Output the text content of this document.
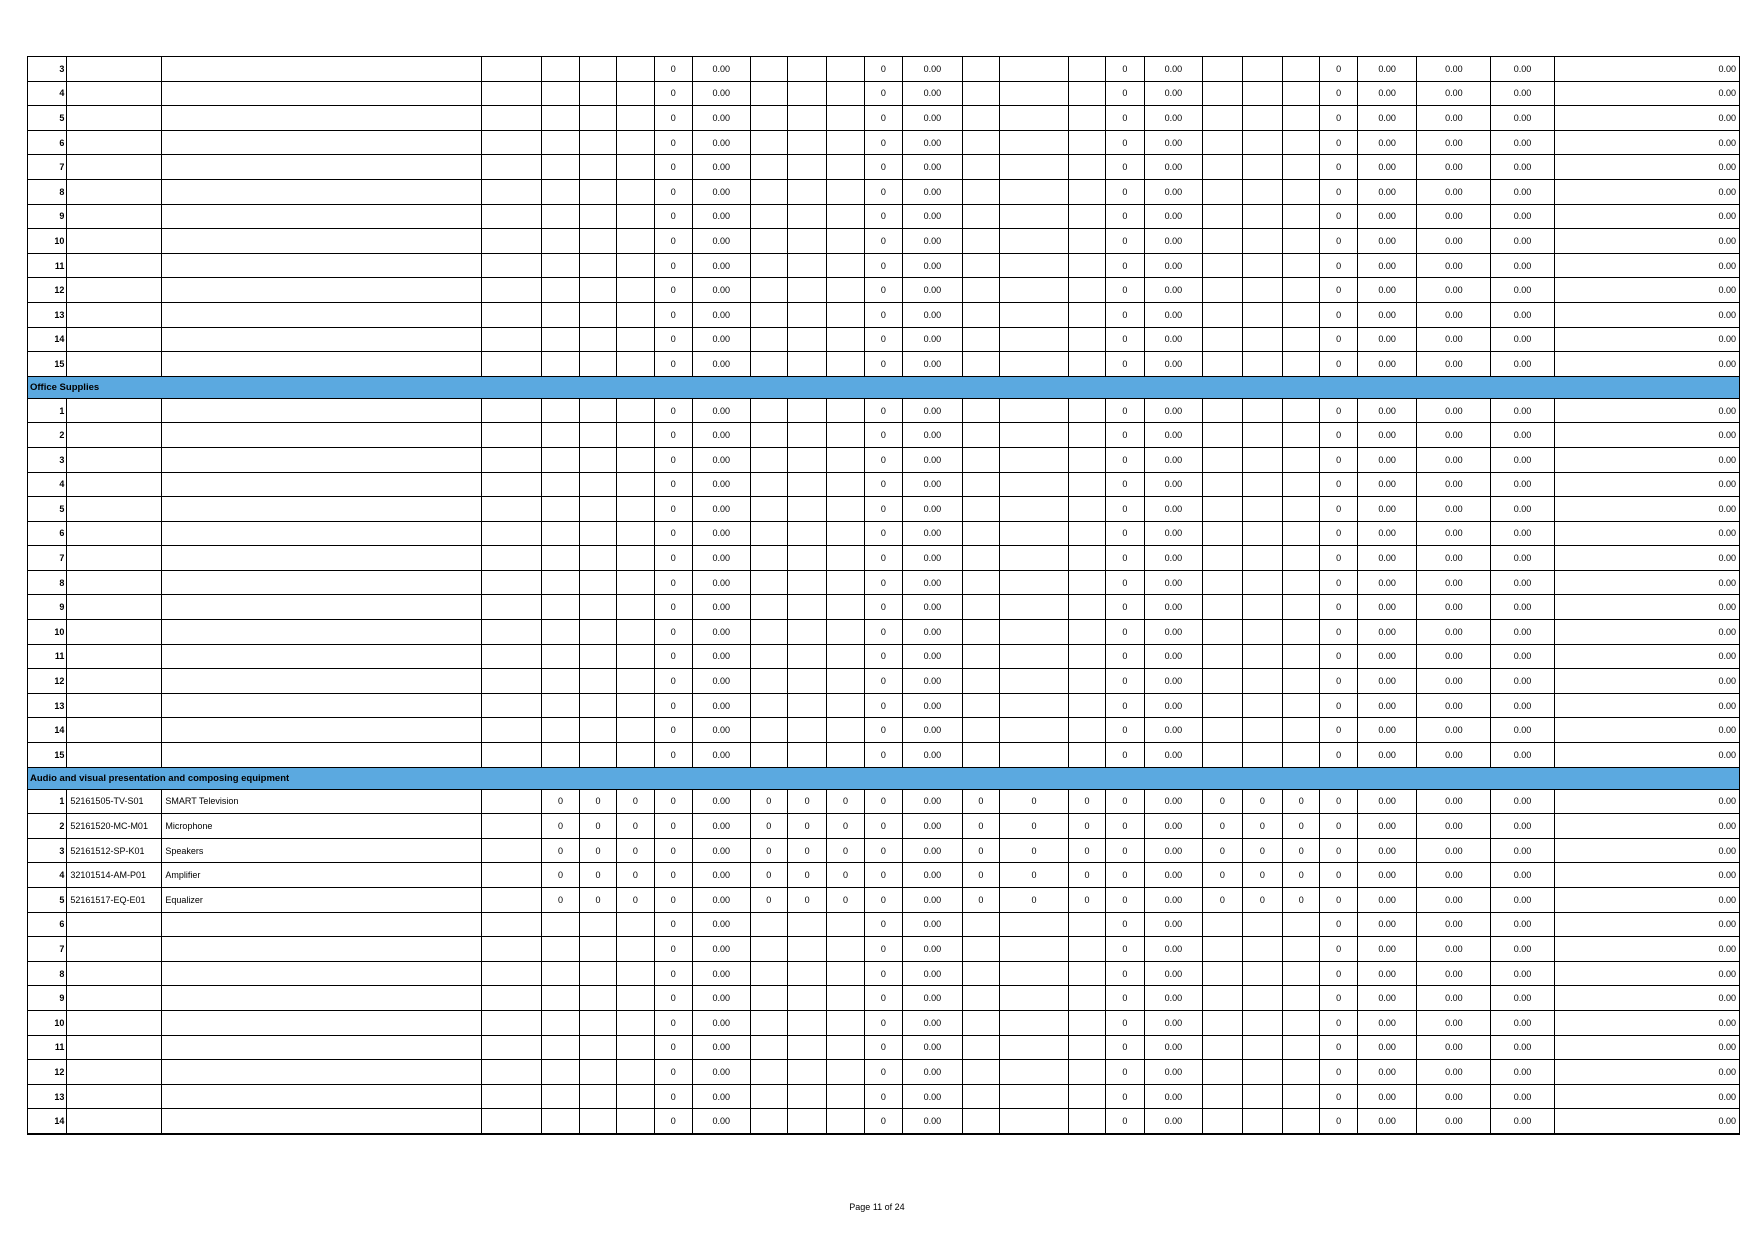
3							0	0.00				0	0.00				0	0.00				0	0.00	0.00	0.00	0.00
4							0	0.00				0	0.00				0	0.00				0	0.00	0.00	0.00	0.00
5							0	0.00				0	0.00				0	0.00				0	0.00	0.00	0.00	0.00
6							0	0.00				0	0.00				0	0.00				0	0.00	0.00	0.00	0.00
7							0	0.00				0	0.00				0	0.00				0	0.00	0.00	0.00	0.00
8							0	0.00				0	0.00				0	0.00				0	0.00	0.00	0.00	0.00
9							0	0.00				0	0.00				0	0.00				0	0.00	0.00	0.00	0.00
10							0	0.00				0	0.00				0	0.00				0	0.00	0.00	0.00	0.00
11							0	0.00				0	0.00				0	0.00				0	0.00	0.00	0.00	0.00
12							0	0.00				0	0.00				0	0.00				0	0.00	0.00	0.00	0.00
13							0	0.00				0	0.00				0	0.00				0	0.00	0.00	0.00	0.00
14							0	0.00				0	0.00				0	0.00				0	0.00	0.00	0.00	0.00
15							0	0.00				0	0.00				0	0.00				0	0.00	0.00	0.00	0.00
Office Supplies																										
1							0	0.00				0	0.00				0	0.00				0	0.00	0.00	0.00	0.00
2							0	0.00				0	0.00				0	0.00				0	0.00	0.00	0.00	0.00
3							0	0.00				0	0.00				0	0.00				0	0.00	0.00	0.00	0.00
4							0	0.00				0	0.00				0	0.00				0	0.00	0.00	0.00	0.00
5							0	0.00				0	0.00				0	0.00				0	0.00	0.00	0.00	0.00
6							0	0.00				0	0.00				0	0.00				0	0.00	0.00	0.00	0.00
7							0	0.00				0	0.00				0	0.00				0	0.00	0.00	0.00	0.00
8							0	0.00				0	0.00				0	0.00				0	0.00	0.00	0.00	0.00
9							0	0.00				0	0.00				0	0.00				0	0.00	0.00	0.00	0.00
10							0	0.00				0	0.00				0	0.00				0	0.00	0.00	0.00	0.00
11							0	0.00				0	0.00				0	0.00				0	0.00	0.00	0.00	0.00
12							0	0.00				0	0.00				0	0.00				0	0.00	0.00	0.00	0.00
13							0	0.00				0	0.00				0	0.00				0	0.00	0.00	0.00	0.00
14							0	0.00				0	0.00				0	0.00				0	0.00	0.00	0.00	0.00
15							0	0.00				0	0.00				0	0.00				0	0.00	0.00	0.00	0.00
Audio and visual presentation and composing equipment																										
1	52161505-TV-S01	SMART Television		0	0	0	0	0.00	0	0	0	0	0.00	0	0	0	0	0.00	0	0	0	0	0.00	0.00	0.00	0.00
2	52161520-MC-M01	Microphone		0	0	0	0	0.00	0	0	0	0	0.00	0	0	0	0	0.00	0	0	0	0	0.00	0.00	0.00	0.00
3	52161512-SP-K01	Speakers		0	0	0	0	0.00	0	0	0	0	0.00	0	0	0	0	0.00	0	0	0	0	0.00	0.00	0.00	0.00
4	32101514-AM-P01	Amplifier		0	0	0	0	0.00	0	0	0	0	0.00	0	0	0	0	0.00	0	0	0	0	0.00	0.00	0.00	0.00
5	52161517-EQ-E01	Equalizer		0	0	0	0	0.00	0	0	0	0	0.00	0	0	0	0	0.00	0	0	0	0	0.00	0.00	0.00	0.00
6							0	0.00				0	0.00				0	0.00				0	0.00	0.00	0.00	0.00
7							0	0.00				0	0.00				0	0.00				0	0.00	0.00	0.00	0.00
8							0	0.00				0	0.00				0	0.00				0	0.00	0.00	0.00	0.00
9							0	0.00				0	0.00				0	0.00				0	0.00	0.00	0.00	0.00
10							0	0.00				0	0.00				0	0.00				0	0.00	0.00	0.00	0.00
11							0	0.00				0	0.00				0	0.00				0	0.00	0.00	0.00	0.00
12							0	0.00				0	0.00				0	0.00				0	0.00	0.00	0.00	0.00
13							0	0.00				0	0.00				0	0.00				0	0.00	0.00	0.00	0.00
14							0	0.00				0	0.00				0	0.00				0	0.00	0.00	0.00	0.00
Page 11 of 24
